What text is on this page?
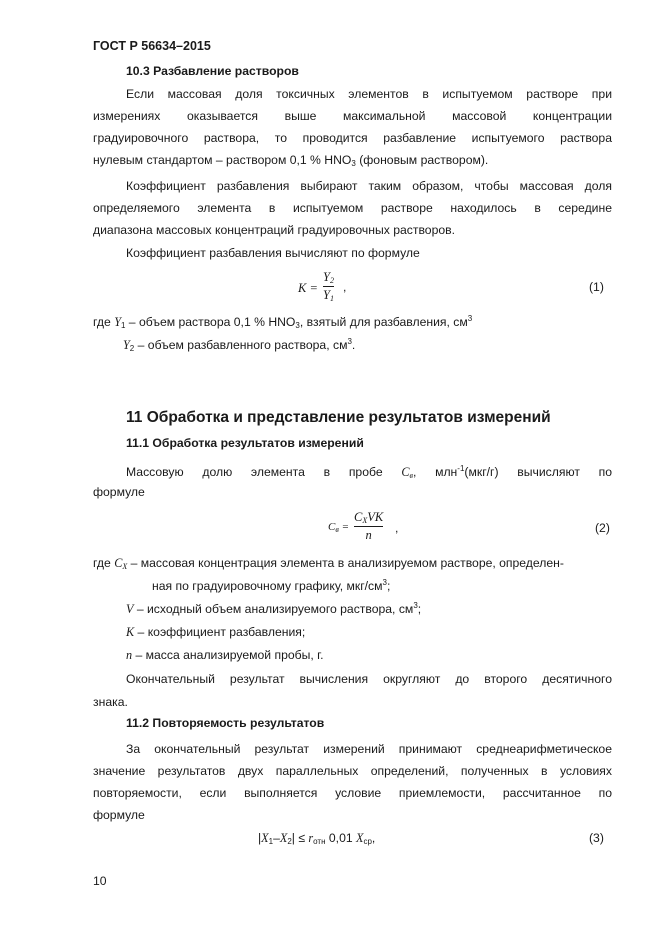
ГОСТ Р 56634–2015
10.3 Разбавление растворов
Если массовая доля токсичных элементов в испытуемом растворе при
измерениях оказывается выше максимальной массовой концентрации
градуировочного раствора, то проводится разбавление испытуемого раствора
нулевым стандартом – раствором 0,1 % $HNO_3$ (фоновым раствором).
Коэффициент разбавления выбирают таким образом, чтобы массовая доля
определяемого элемента в испытуемом растворе находилось в середине
диапазона массовых концентраций градуировочных растворов.
Коэффициент разбавления вычисляют по формуле
K =
$Y_2$
$Y_1$
,	(1)
где $Y_1$ – объем раствора 0,1 % $HNO_3$, взятый для разбавления, $см^3$
$Y_2$ – объем разбавленного раствора, $см^3$.
11 Обработка и представление результатов измерений
11.1 Обработка результатов измерений
Массовую долю элемента в пробе $C_в$, млн$^{-1}$(мкг/г) вычисляют по
формуле
$C_в$ =
$C_XVK$
n ,	(2)
где $C_X$ – массовая концентрация элемента в анализируемом растворе, определен-
ная по градуировочному графику, мкг/$см^3$;
V – исходный объем анализируемого раствора, $см^3$;
K – коэффициент разбавления;
n – масса анализируемой пробы, г.
Окончательный результат вычисления округляют до второго десятичного
знака.
11.2 Повторяемость результатов
За окончательный результат измерений принимают среднеарифметическое
значение результатов двух параллельных определений, полученных в условиях
повторяемости, если выполняется условие приемлемости, рассчитанное по
формуле
$|X_1-X_2| \le r_{отн}$ 0,01 $X_{ср}$,	(3)
10
